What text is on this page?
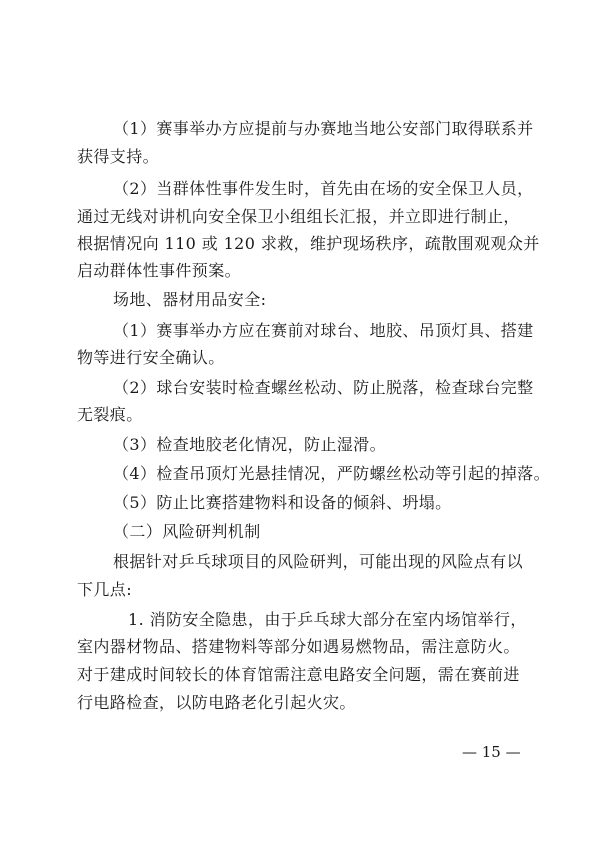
（1）赛事举办方应提前与办赛地当地公安部门取得联系并
获得支持。
（2）当群体性事件发生时，首先由在场的安全保卫人员，
通过无线对讲机向安全保卫小组组长汇报，并立即进行制止，
根据情况向 110 或 120 求救，维护现场秩序，疏散围观观众并
启动群体性事件预案。
场地、器材用品安全:
（1）赛事举办方应在赛前对球台、地胶、吊顶灯具、搭建
物等进行安全确认。
（2）球台安装时检查螺丝松动、防止脱落，检查球台完整
无裂痕。
（3）检查地胶老化情况，防止湿滑。
（4）检查吊顶灯光悬挂情况，严防螺丝松动等引起的掉落。
（5）防止比赛搭建物料和设备的倾斜、坍塌。
（二）风险研判机制
根据针对乒乓球项目的风险研判，可能出现的风险点有以
下几点:
1. 消防安全隐患，由于乒乓球大部分在室内场馆举行，
室内器材物品、搭建物料等部分如遇易燃物品，需注意防火。
对于建成时间较长的体育馆需注意电路安全问题，需在赛前进
行电路检查，以防电路老化引起火灾。
— 15 —
